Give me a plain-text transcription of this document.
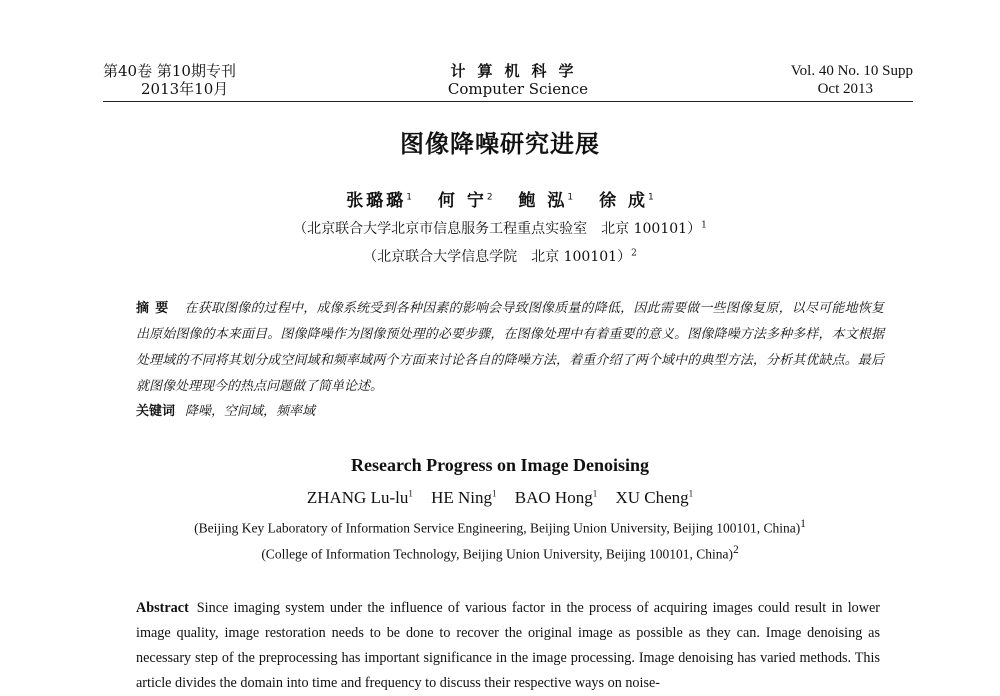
第40卷 第10期专刊
2013年10月
计算机科学
Computer Science
Vol. 40 No. 10 Supp
Oct 2013
图像降噪研究进展
张璐璐$^1$ 何 宁$^2$ 鲍 泓$^1$ 徐 成$^1$
（北京联合大学北京市信息服务工程重点实验室　北京 100101）$^1$
（北京联合大学信息学院　北京 100101）$^2$
摘要 在获取图像的过程中，成像系统受到各种因素的影响会导致图像质量的降低，因此需要做一些图像复原，以尽可能地恢复出原始图像的本来面目。图像降噪作为图像预处理的必要步骤，在图像处理中有着重要的意义。图像降噪方法多种多样，本文根据处理域的不同将其划分成空间域和频率域两个方面来讨论各自的降噪方法，着重介绍了两个域中的典型方法，分析其优缺点。最后就图像处理现今的热点问题做了简单论述。
关键词 降噪，空间域，频率域
Research Progress on Image Denoising
ZHANG $Lu-lu^1$ HE Ning$^1$ BAO Hong$^1$ XU Cheng$^1$
(Beijing Key Laboratory of Information Service Engineering, Beijing Union University, Beijing 100101, China)$^1$
(College of Information Technology, Beijing Union University, Beijing 100101, China)$^2$
Abstract Since imaging system under the influence of various factor in the process of acquiring images could result in lower image quality, image restoration needs to be done to recover the original image as possible as they can. Image denoising as necessary step of the preprocessing has important significance in the image processing. Image denoising has varied methods. This article divides the domain into time and frequency to discuss their respective ways on noise-
